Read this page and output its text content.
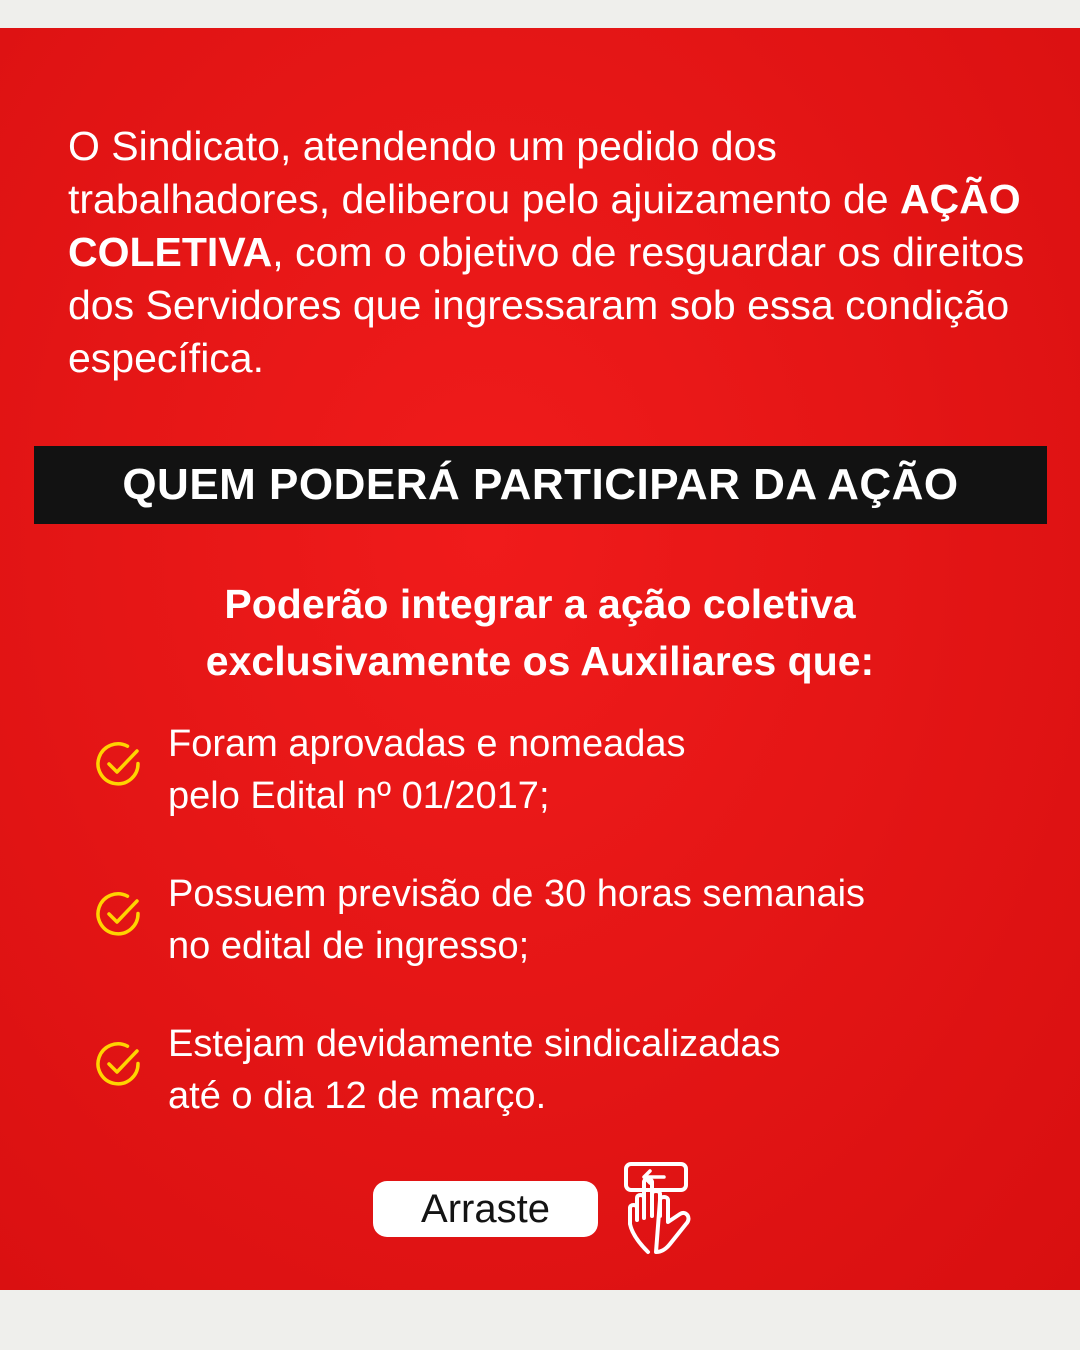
O Sindicato, atendendo um pedido dos trabalhadores, deliberou pelo ajuizamento de AÇÃO COLETIVA, com o objetivo de resguardar os direitos dos Servidores que ingressaram sob essa condição específica.

QUEM PODERÁ PARTICIPAR DA AÇÃO
Poderão integrar a ação coletiva
exclusivamente os Auxiliares que:
Foram aprovadas e nomeadas
pelo Edital nº 01/2017;
Possuem previsão de 30 horas semanais
no edital de ingresso;
Estejam devidamente sindicalizadas
até o dia 12 de março.
Arraste
